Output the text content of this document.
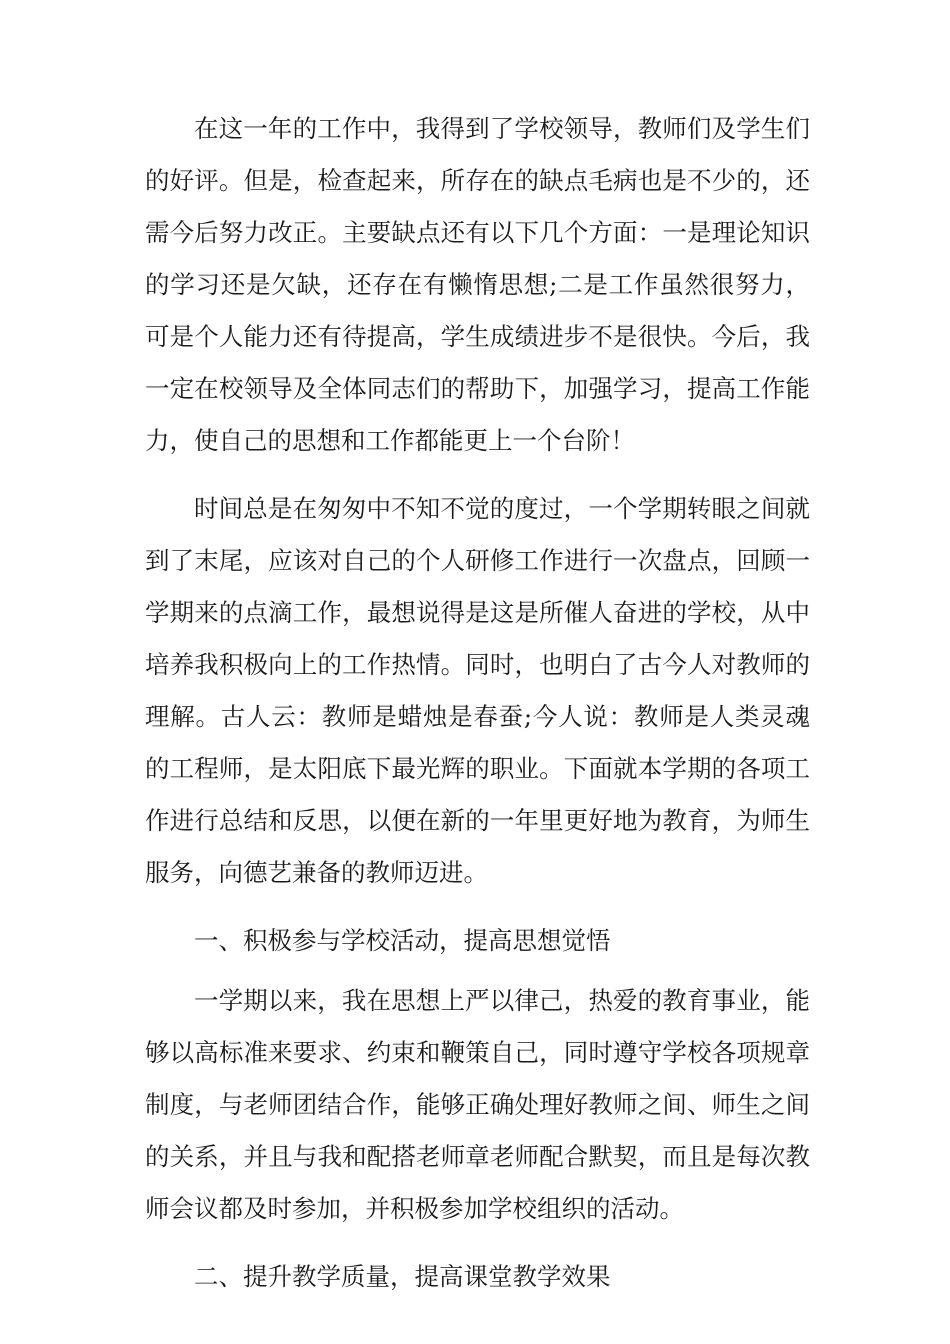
在这一年的工作中，我得到了学校领导，教师们及学生们的好评。但是，检查起来，所存在的缺点毛病也是不少的，还需今后努力改正。主要缺点还有以下几个方面：一是理论知识的学习还是欠缺，还存在有懒惰思想;二是工作虽然很努力，可是个人能力还有待提高，学生成绩进步不是很快。今后，我一定在校领导及全体同志们的帮助下，加强学习，提高工作能力，使自己的思想和工作都能更上一个台阶！

时间总是在匆匆中不知不觉的度过，一个学期转眼之间就到了末尾，应该对自己的个人研修工作进行一次盘点，回顾一学期来的点滴工作，最想说得是这是所催人奋进的学校，从中培养我积极向上的工作热情。同时，也明白了古今人对教师的理解。古人云：教师是蜡烛是春蚕;今人说：教师是人类灵魂的工程师，是太阳底下最光辉的职业。下面就本学期的各项工作进行总结和反思，以便在新的一年里更好地为教育，为师生服务，向德艺兼备的教师迈进。

一、积极参与学校活动，提高思想觉悟

一学期以来，我在思想上严以律己，热爱的教育事业，能够以高标准来要求、约束和鞭策自己，同时遵守学校各项规章制度，与老师团结合作，能够正确处理好教师之间、师生之间的关系，并且与我和配搭老师章老师配合默契，而且是每次教师会议都及时参加，并积极参加学校组织的活动。

二、提升教学质量，提高课堂教学效果
